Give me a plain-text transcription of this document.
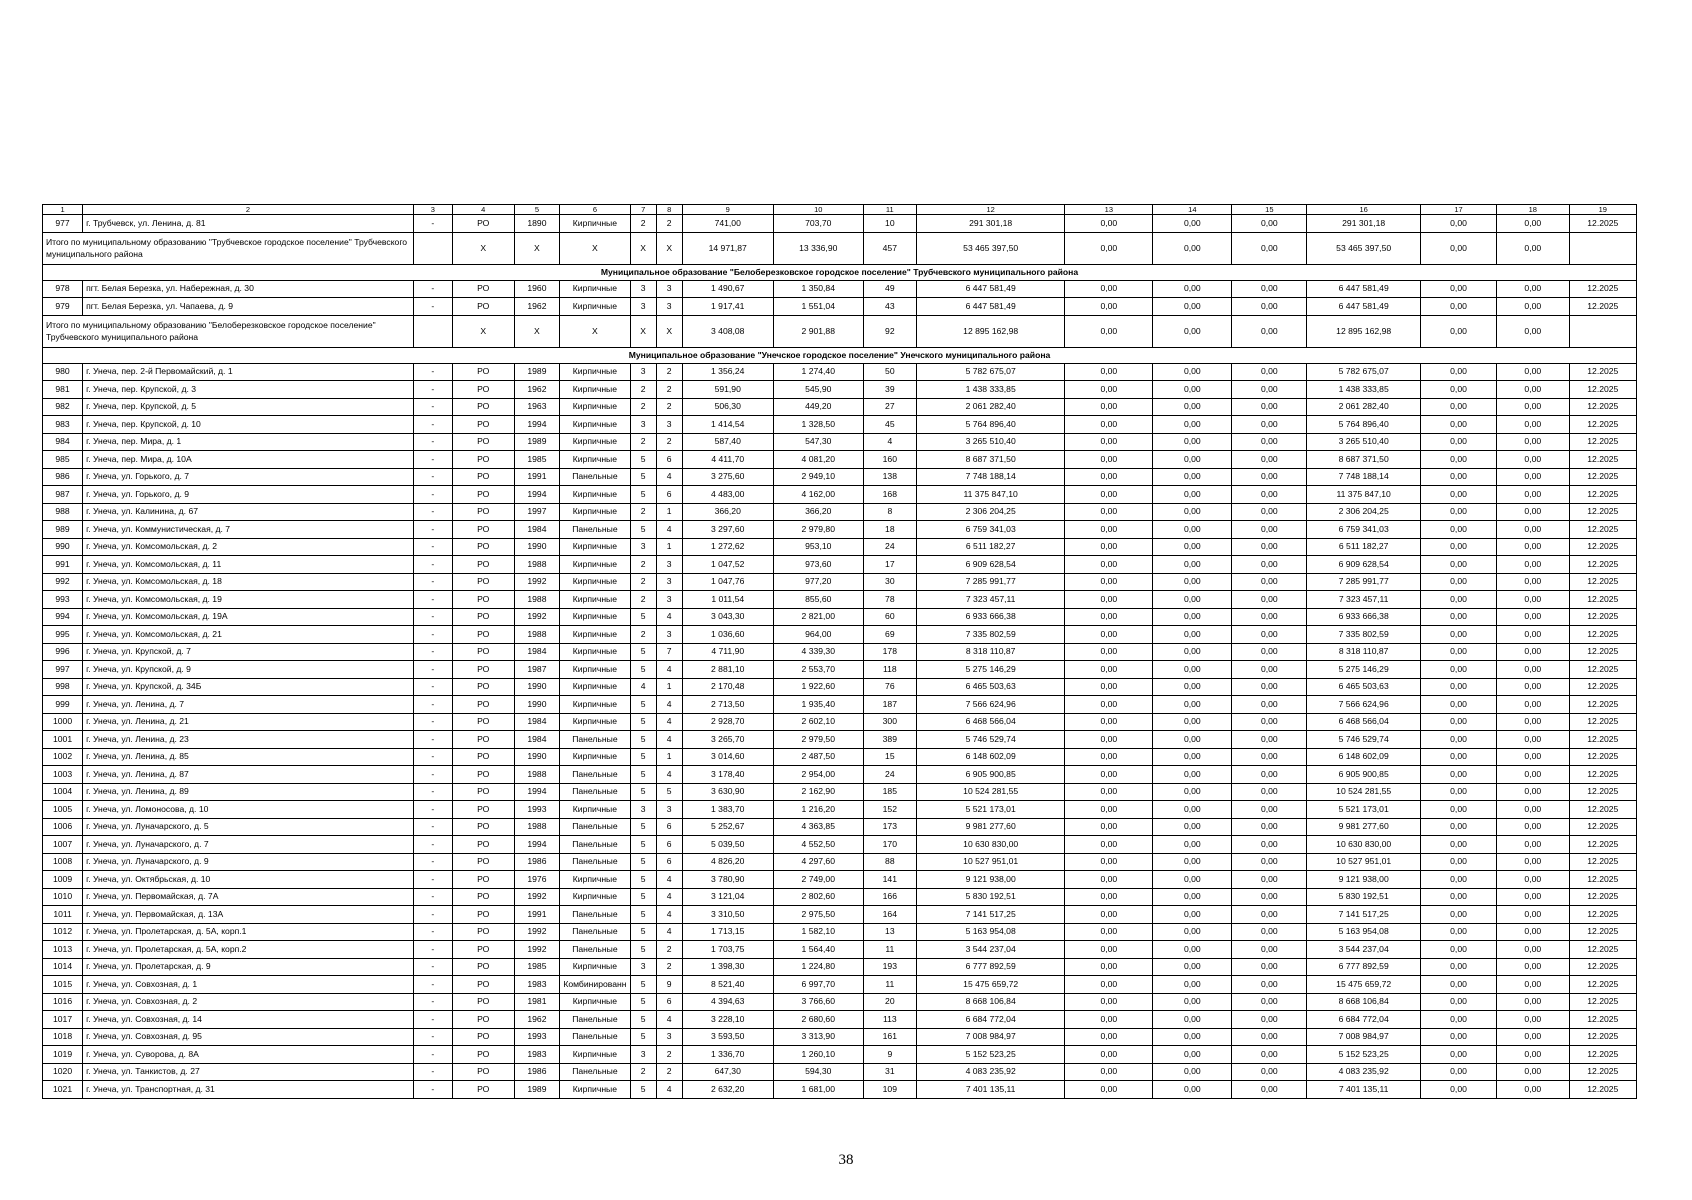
1	2	3	4	5	6	7	8	9	10	11	12	13	14	15	16	17	18	19
977	г. Трубчевск, ул. Ленина, д. 81	-	РО	1890	Кирпичные	2	2	741,00	703,70	10	291 301,18	0,00	0,00	0,00	291 301,18	0,00	0,00	12.2025
Итого по муниципальному образованию "Трубчевское городское поселение" Трубчевского муниципального района			Х	Х	Х	Х	Х	14 971,87	13 336,90	457	53 465 397,50	0,00	0,00	0,00	53 465 397,50	0,00	0,00	
Муниципальное образование "Белоберезковское городское поселение" Трубчевского муниципального района																		
978	пгт. Белая Березка, ул. Набережная, д. 30	-	РО	1960	Кирпичные	3	3	1 490,67	1 350,84	49	6 447 581,49	0,00	0,00	0,00	6 447 581,49	0,00	0,00	12.2025
979	пгт. Белая Березка, ул. Чапаева, д. 9	-	РО	1962	Кирпичные	3	3	1 917,41	1 551,04	43	6 447 581,49	0,00	0,00	0,00	6 447 581,49	0,00	0,00	12.2025
Итого по муниципальному образованию "Белоберезковское городское поселение" Трубчевского муниципального района			Х	Х	Х	Х	Х	3 408,08	2 901,88	92	12 895 162,98	0,00	0,00	0,00	12 895 162,98	0,00	0,00	
Муниципальное образование "Унечское городское поселение" Унечского муниципального района																		
980	г. Унеча, пер. 2-й Первомайский, д. 1	-	РО	1989	Кирпичные	3	2	1 356,24	1 274,40	50	5 782 675,07	0,00	0,00	0,00	5 782 675,07	0,00	0,00	12.2025
981	г. Унеча, пер. Крупской, д. 3	-	РО	1962	Кирпичные	2	2	591,90	545,90	39	1 438 333,85	0,00	0,00	0,00	1 438 333,85	0,00	0,00	12.2025
982	г. Унеча, пер. Крупской, д. 5	-	РО	1963	Кирпичные	2	2	506,30	449,20	27	2 061 282,40	0,00	0,00	0,00	2 061 282,40	0,00	0,00	12.2025
983	г. Унеча, пер. Крупской, д. 10	-	РО	1994	Кирпичные	3	3	1 414,54	1 328,50	45	5 764 896,40	0,00	0,00	0,00	5 764 896,40	0,00	0,00	12.2025
984	г. Унеча, пер. Мира, д. 1	-	РО	1989	Кирпичные	2	2	587,40	547,30	4	3 265 510,40	0,00	0,00	0,00	3 265 510,40	0,00	0,00	12.2025
985	г. Унеча, пер. Мира, д. 10А	-	РО	1985	Кирпичные	5	6	4 411,70	4 081,20	160	8 687 371,50	0,00	0,00	0,00	8 687 371,50	0,00	0,00	12.2025
986	г. Унеча, ул. Горького, д. 7	-	РО	1991	Панельные	5	4	3 275,60	2 949,10	138	7 748 188,14	0,00	0,00	0,00	7 748 188,14	0,00	0,00	12.2025
987	г. Унеча, ул. Горького, д. 9	-	РО	1994	Кирпичные	5	6	4 483,00	4 162,00	168	11 375 847,10	0,00	0,00	0,00	11 375 847,10	0,00	0,00	12.2025
988	г. Унеча, ул. Калинина, д. 67	-	РО	1997	Кирпичные	2	1	366,20	366,20	8	2 306 204,25	0,00	0,00	0,00	2 306 204,25	0,00	0,00	12.2025
989	г. Унеча, ул. Коммунистическая, д. 7	-	РО	1984	Панельные	5	4	3 297,60	2 979,80	18	6 759 341,03	0,00	0,00	0,00	6 759 341,03	0,00	0,00	12.2025
990	г. Унеча, ул. Комсомольская, д. 2	-	РО	1990	Кирпичные	3	1	1 272,62	953,10	24	6 511 182,27	0,00	0,00	0,00	6 511 182,27	0,00	0,00	12.2025
991	г. Унеча, ул. Комсомольская, д. 11	-	РО	1988	Кирпичные	2	3	1 047,52	973,60	17	6 909 628,54	0,00	0,00	0,00	6 909 628,54	0,00	0,00	12.2025
992	г. Унеча, ул. Комсомольская, д. 18	-	РО	1992	Кирпичные	2	3	1 047,76	977,20	30	7 285 991,77	0,00	0,00	0,00	7 285 991,77	0,00	0,00	12.2025
993	г. Унеча, ул. Комсомольская, д. 19	-	РО	1988	Кирпичные	2	3	1 011,54	855,60	78	7 323 457,11	0,00	0,00	0,00	7 323 457,11	0,00	0,00	12.2025
994	г. Унеча, ул. Комсомольская, д. 19А	-	РО	1992	Кирпичные	5	4	3 043,30	2 821,00	60	6 933 666,38	0,00	0,00	0,00	6 933 666,38	0,00	0,00	12.2025
995	г. Унеча, ул. Комсомольская, д. 21	-	РО	1988	Кирпичные	2	3	1 036,60	964,00	69	7 335 802,59	0,00	0,00	0,00	7 335 802,59	0,00	0,00	12.2025
996	г. Унеча, ул. Крупской, д. 7	-	РО	1984	Кирпичные	5	7	4 711,90	4 339,30	178	8 318 110,87	0,00	0,00	0,00	8 318 110,87	0,00	0,00	12.2025
997	г. Унеча, ул. Крупской, д. 9	-	РО	1987	Кирпичные	5	4	2 881,10	2 553,70	118	5 275 146,29	0,00	0,00	0,00	5 275 146,29	0,00	0,00	12.2025
998	г. Унеча, ул. Крупской, д. 34Б	-	РО	1990	Кирпичные	4	1	2 170,48	1 922,60	76	6 465 503,63	0,00	0,00	0,00	6 465 503,63	0,00	0,00	12.2025
999	г. Унеча, ул. Ленина, д. 7	-	РО	1990	Кирпичные	5	4	2 713,50	1 935,40	187	7 566 624,96	0,00	0,00	0,00	7 566 624,96	0,00	0,00	12.2025
1000	г. Унеча, ул. Ленина, д. 21	-	РО	1984	Кирпичные	5	4	2 928,70	2 602,10	300	6 468 566,04	0,00	0,00	0,00	6 468 566,04	0,00	0,00	12.2025
1001	г. Унеча, ул. Ленина, д. 23	-	РО	1984	Панельные	5	4	3 265,70	2 979,50	389	5 746 529,74	0,00	0,00	0,00	5 746 529,74	0,00	0,00	12.2025
1002	г. Унеча, ул. Ленина, д. 85	-	РО	1990	Кирпичные	5	1	3 014,60	2 487,50	15	6 148 602,09	0,00	0,00	0,00	6 148 602,09	0,00	0,00	12.2025
1003	г. Унеча, ул. Ленина, д. 87	-	РО	1988	Панельные	5	4	3 178,40	2 954,00	24	6 905 900,85	0,00	0,00	0,00	6 905 900,85	0,00	0,00	12.2025
1004	г. Унеча, ул. Ленина, д. 89	-	РО	1994	Панельные	5	5	3 630,90	2 162,90	185	10 524 281,55	0,00	0,00	0,00	10 524 281,55	0,00	0,00	12.2025
1005	г. Унеча, ул. Ломоносова, д. 10	-	РО	1993	Кирпичные	3	3	1 383,70	1 216,20	152	5 521 173,01	0,00	0,00	0,00	5 521 173,01	0,00	0,00	12.2025
1006	г. Унеча, ул. Луначарского, д. 5	-	РО	1988	Панельные	5	6	5 252,67	4 363,85	173	9 981 277,60	0,00	0,00	0,00	9 981 277,60	0,00	0,00	12.2025
1007	г. Унеча, ул. Луначарского, д. 7	-	РО	1994	Панельные	5	6	5 039,50	4 552,50	170	10 630 830,00	0,00	0,00	0,00	10 630 830,00	0,00	0,00	12.2025
1008	г. Унеча, ул. Луначарского, д. 9	-	РО	1986	Панельные	5	6	4 826,20	4 297,60	88	10 527 951,01	0,00	0,00	0,00	10 527 951,01	0,00	0,00	12.2025
1009	г. Унеча, ул. Октябрьская, д. 10	-	РО	1976	Кирпичные	5	4	3 780,90	2 749,00	141	9 121 938,00	0,00	0,00	0,00	9 121 938,00	0,00	0,00	12.2025
1010	г. Унеча, ул. Первомайская, д. 7А	-	РО	1992	Кирпичные	5	4	3 121,04	2 802,60	166	5 830 192,51	0,00	0,00	0,00	5 830 192,51	0,00	0,00	12.2025
1011	г. Унеча, ул. Первомайская, д. 13А	-	РО	1991	Панельные	5	4	3 310,50	2 975,50	164	7 141 517,25	0,00	0,00	0,00	7 141 517,25	0,00	0,00	12.2025
1012	г. Унеча, ул. Пролетарская, д. 5А, корп.1	-	РО	1992	Панельные	5	4	1 713,15	1 582,10	13	5 163 954,08	0,00	0,00	0,00	5 163 954,08	0,00	0,00	12.2025
1013	г. Унеча, ул. Пролетарская, д. 5А, корп.2	-	РО	1992	Панельные	5	2	1 703,75	1 564,40	11	3 544 237,04	0,00	0,00	0,00	3 544 237,04	0,00	0,00	12.2025
1014	г. Унеча, ул. Пролетарская, д. 9	-	РО	1985	Кирпичные	3	2	1 398,30	1 224,80	193	6 777 892,59	0,00	0,00	0,00	6 777 892,59	0,00	0,00	12.2025
1015	г. Унеча, ул. Совхозная, д. 1	-	РО	1983	Комбинированн	5	9	8 521,40	6 997,70	11	15 475 659,72	0,00	0,00	0,00	15 475 659,72	0,00	0,00	12.2025
1016	г. Унеча, ул. Совхозная, д. 2	-	РО	1981	Кирпичные	5	6	4 394,63	3 766,60	20	8 668 106,84	0,00	0,00	0,00	8 668 106,84	0,00	0,00	12.2025
1017	г. Унеча, ул. Совхозная, д. 14	-	РО	1962	Панельные	5	4	3 228,10	2 680,60	113	6 684 772,04	0,00	0,00	0,00	6 684 772,04	0,00	0,00	12.2025
1018	г. Унеча, ул. Совхозная, д. 95	-	РО	1993	Панельные	5	3	3 593,50	3 313,90	161	7 008 984,97	0,00	0,00	0,00	7 008 984,97	0,00	0,00	12.2025
1019	г. Унеча, ул. Суворова, д. 8А	-	РО	1983	Кирпичные	3	2	1 336,70	1 260,10	9	5 152 523,25	0,00	0,00	0,00	5 152 523,25	0,00	0,00	12.2025
1020	г. Унеча, ул. Танкистов, д. 27	-	РО	1986	Панельные	2	2	647,30	594,30	31	4 083 235,92	0,00	0,00	0,00	4 083 235,92	0,00	0,00	12.2025
1021	г. Унеча, ул. Транспортная, д. 31	-	РО	1989	Кирпичные	5	4	2 632,20	1 681,00	109	7 401 135,11	0,00	0,00	0,00	7 401 135,11	0,00	0,00	12.2025
38
